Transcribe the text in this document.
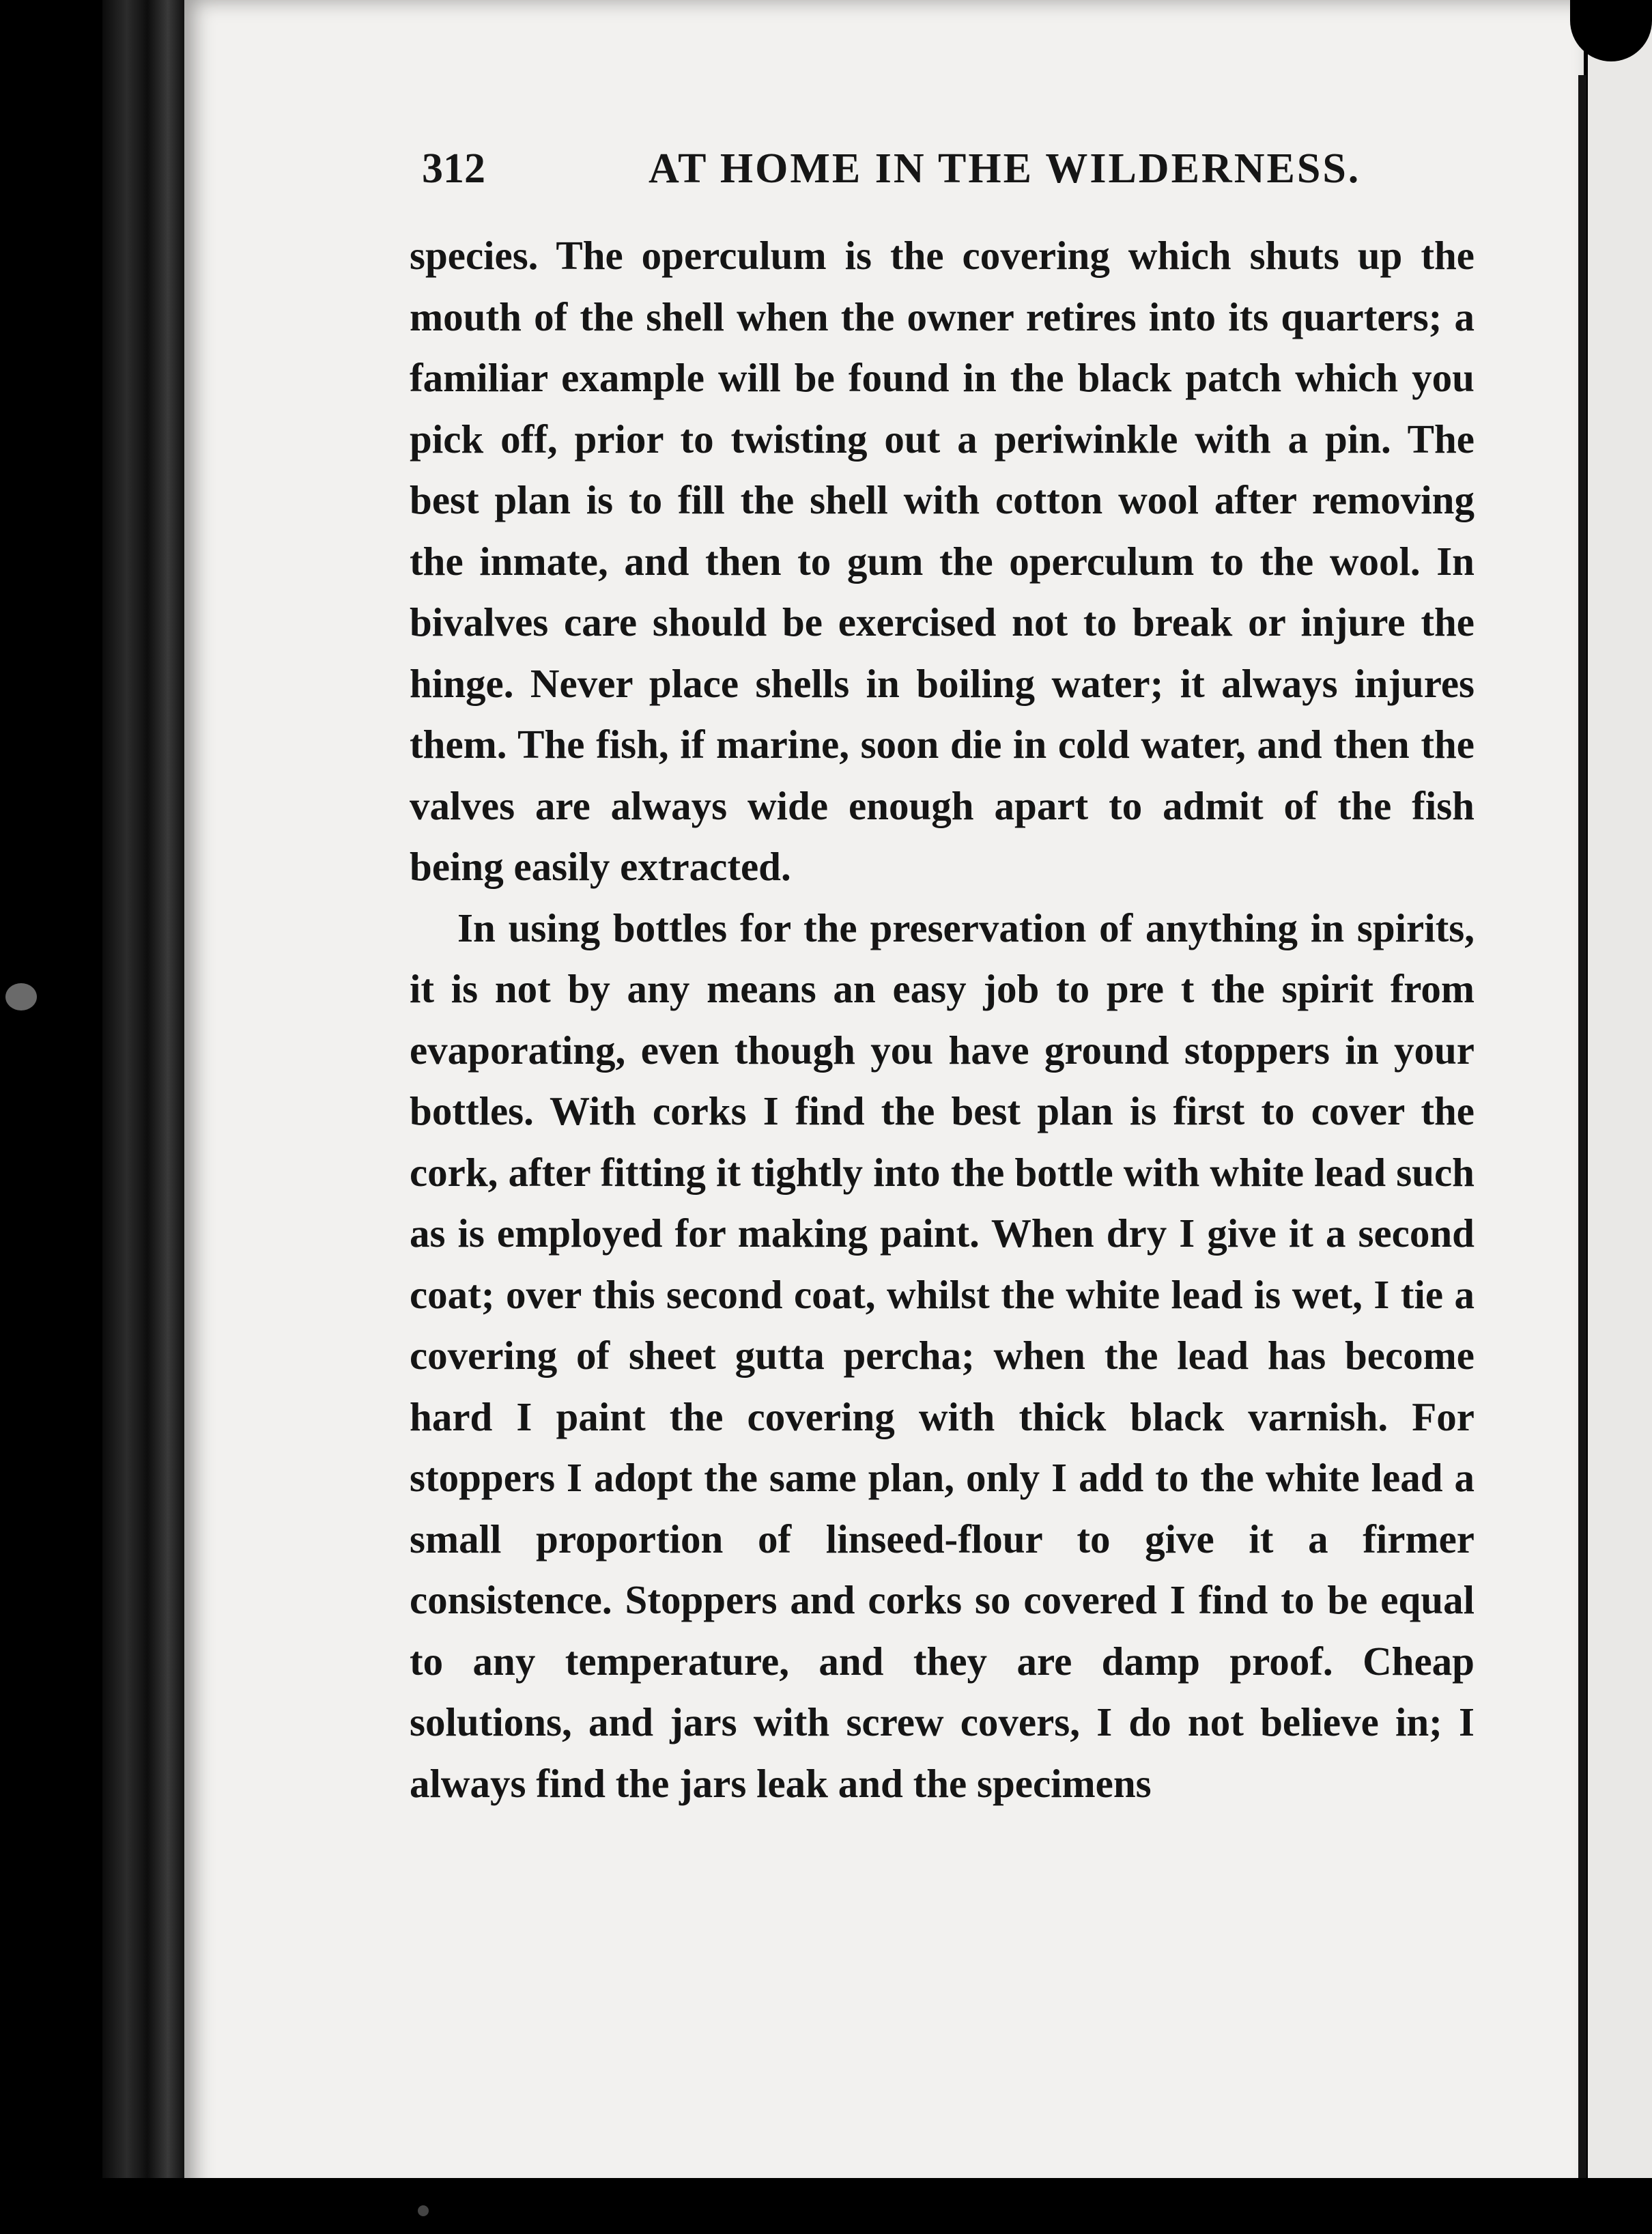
312	AT HOME IN THE WILDERNESS.

species. The operculum is the covering which shuts up the mouth of the shell when the owner retires into its quarters; a familiar example will be found in the black patch which you pick off, prior to twisting out a periwinkle with a pin. The best plan is to fill the shell with cotton wool after removing the inmate, and then to gum the operculum to the wool. In bivalves care should be exercised not to break or injure the hinge. Never place shells in boiling water; it always injures them. The fish, if marine, soon die in cold water, and then the valves are always wide enough apart to admit of the fish being easily extracted.

In using bottles for the preservation of anything in spirits, it is not by any means an easy job to pre t the spirit from evaporating, even though you have ground stoppers in your bottles. With corks I find the best plan is first to cover the cork, after fitting it tightly into the bottle with white lead such as is employed for making paint. When dry I give it a second coat; over this second coat, whilst the white lead is wet, I tie a covering of sheet gutta percha; when the lead has become hard I paint the covering with thick black varnish. For stoppers I adopt the same plan, only I add to the white lead a small proportion of linseed-flour to give it a firmer consistence. Stoppers and corks so covered I find to be equal to any temperature, and they are damp proof. Cheap solutions, and jars with screw covers, I do not believe in; I always find the jars leak and the specimens
